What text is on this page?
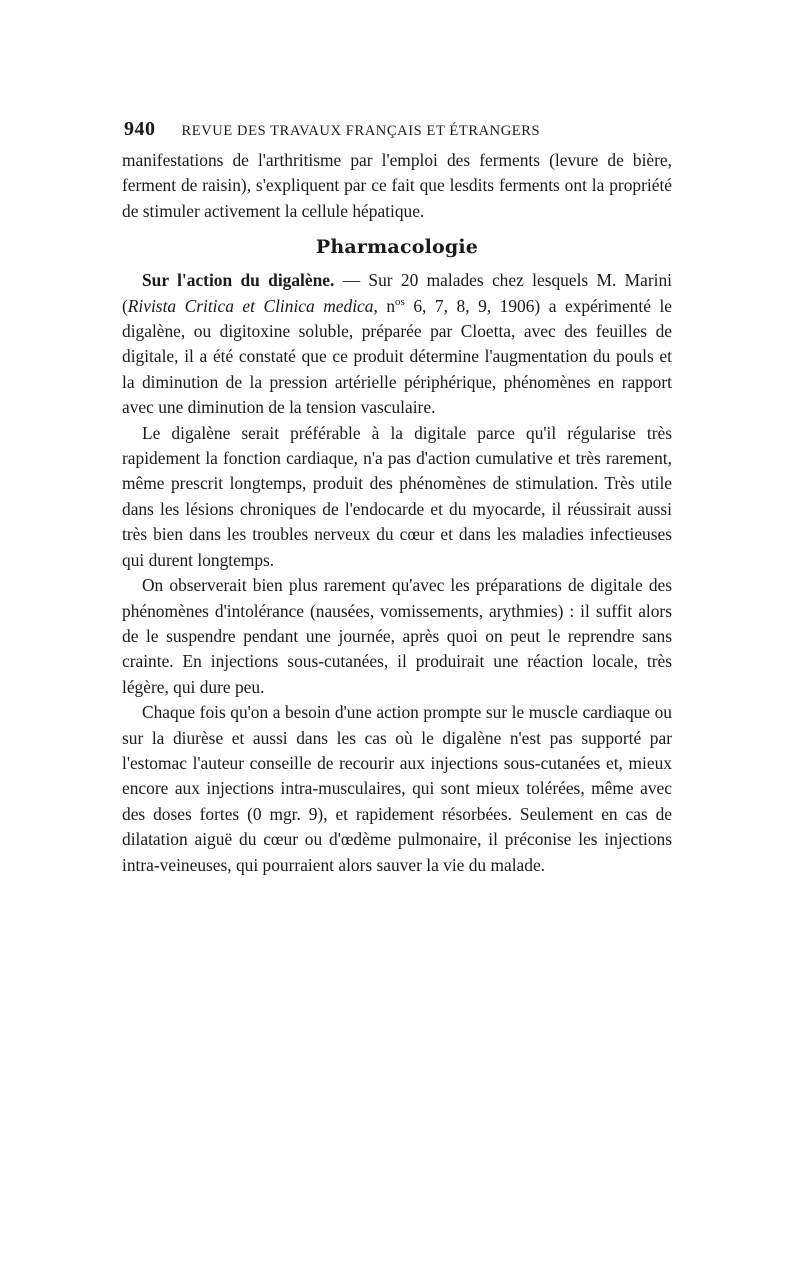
940 REVUE DES TRAVAUX FRANÇAIS ET ÉTRANGERS

manifestations de l'arthritisme par l'emploi des ferments (levure de bière, ferment de raisin), s'expliquent par ce fait que lesdits ferments ont la propriété de stimuler activement la cellule hépatique.

Pharmacologie

Sur l'action du digalène. — Sur 20 malades chez lesquels M. Marini (Rivista Critica et Clinica medica, $n^{os}$ 6, 7, 8, 9, 1906) a expérimenté le digalène, ou digitoxine soluble, préparée par Cloetta, avec des feuilles de digitale, il a été constaté que ce produit détermine l'augmentation du pouls et la diminution de la pression artérielle périphérique, phénomènes en rapport avec une diminution de la tension vasculaire.

Le digalène serait préférable à la digitale parce qu'il régularise très rapidement la fonction cardiaque, n'a pas d'action cumulative et très rarement, même prescrit longtemps, produit des phénomènes de stimulation. Très utile dans les lésions chroniques de l'endocarde et du myocarde, il réussirait aussi très bien dans les troubles nerveux du cœur et dans les maladies infectieuses qui durent longtemps.

On observerait bien plus rarement qu'avec les préparations de digitale des phénomènes d'intolérance (nausées, vomissements, arythmies) : il suffit alors de le suspendre pendant une journée, après quoi on peut le reprendre sans crainte. En injections sous-cutanées, il produirait une réaction locale, très légère, qui dure peu.

Chaque fois qu'on a besoin d'une action prompte sur le muscle cardiaque ou sur la diurèse et aussi dans les cas où le digalène n'est pas supporté par l'estomac l'auteur conseille de recourir aux injections sous-cutanées et, mieux encore aux injections intra-musculaires, qui sont mieux tolérées, même avec des doses fortes (0 mgr. 9), et rapidement résorbées. Seulement en cas de dilatation aiguë du cœur ou d'œdème pulmonaire, il préconise les injections intra-veineuses, qui pourraient alors sauver la vie du malade.
